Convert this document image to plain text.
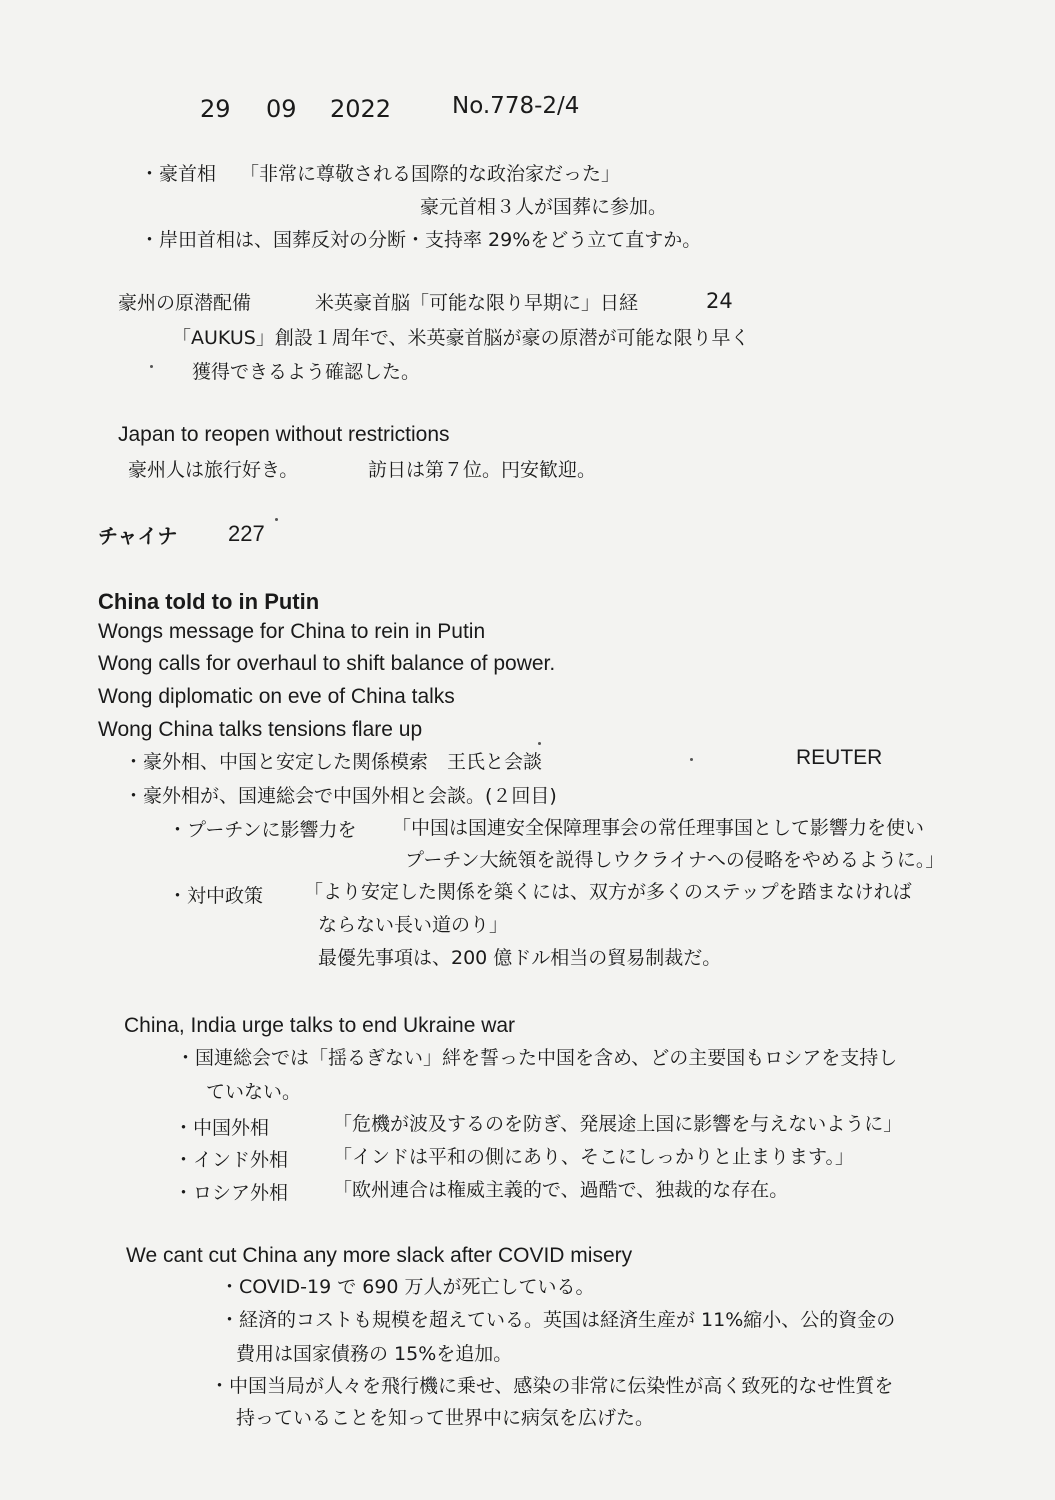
29 09 2022	No.778-2/4
・豪首相 「非常に尊敬される国際的な政治家だった」
豪元首相３人が国葬に参加。
・岸田首相は、国葬反対の分断・支持率 29%をどう立て直すか。
豪州の原潜配備	米英豪首脳「可能な限り早期に」日経	24
「AUKUS」創設１周年で、米英豪首脳が豪の原潜が可能な限り早く
獲得できるよう確認した。
Japan to reopen without restrictions
豪州人は旅行好き。	訪日は第７位。円安歓迎。
チャイナ 227
China told to in Putin
Wongs message for China to rein in Putin
Wong calls for overhaul to shift balance of power.
Wong diplomatic on eve of China talks
Wong China talks tensions flare up
・豪外相、中国と安定した関係模索　王氏と会談	REUTER
・豪外相が、国連総会で中国外相と会談。(２回目)
・プーチンに影響力を 「中国は国連安全保障理事会の常任理事国として影響力を使い
プーチン大統領を説得しウクライナへの侵略をやめるように。」
・対中政策 「より安定した関係を築くには、双方が多くのステップを踏まなければ
ならない長い道のり」
最優先事項は、200 億ドル相当の貿易制裁だ。
China, India urge talks to end Ukraine war
・国連総会では「揺るぎない」絆を誓った中国を含め、どの主要国もロシアを支持し
ていない。
・中国外相	「危機が波及するのを防ぎ、発展途上国に影響を与えないように」
・インド外相 「インドは平和の側にあり、そこにしっかりと止まります。」
・ロシア外相 「欧州連合は権威主義的で、過酷で、独裁的な存在。
We cant cut China any more slack after COVID misery
・COVID-19 で 690 万人が死亡している。
・経済的コストも規模を超えている。英国は経済生産が 11%縮小、公的資金の
費用は国家債務の 15%を追加。
・中国当局が人々を飛行機に乗せ、感染の非常に伝染性が高く致死的なせ性質を
持っていることを知って世界中に病気を広げた。
